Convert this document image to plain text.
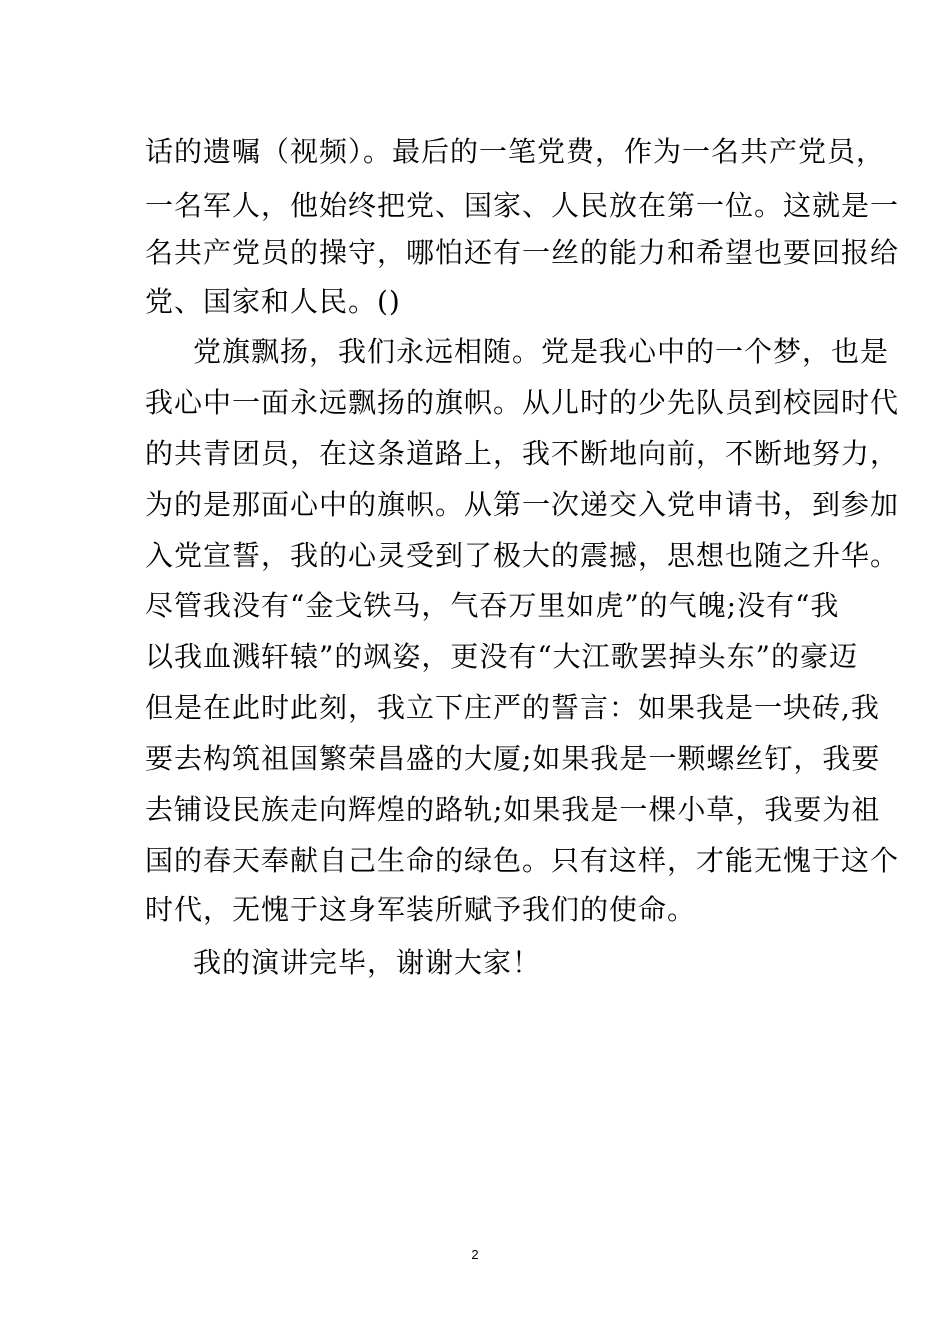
话的遗嘱（视频）。最后的一笔党费，作为一名共产党员，
一名军人，他始终把党、国家、人民放在第一位。这就是一
名共产党员的操守，哪怕还有一丝的能力和希望也要回报给
党、国家和人民。()
党旗飘扬，我们永远相随。党是我心中的一个梦，也是
我心中一面永远飘扬的旗帜。从儿时的少先队员到校园时代
的共青团员，在这条道路上，我不断地向前，不断地努力，
为的是那面心中的旗帜。从第一次递交入党申请书，到参加
入党宣誓，我的心灵受到了极大的震撼，思想也随之升华。
尽管我没有“金戈铁马，气吞万里如虎”的气魄;没有“我
以我血溅轩辕”的飒姿，更没有“大江歌罢掉头东”的豪迈
但是在此时此刻，我立下庄严的誓言：如果我是一块砖,我
要去构筑祖国繁荣昌盛的大厦;如果我是一颗螺丝钉，我要
去铺设民族走向辉煌的路轨;如果我是一棵小草，我要为祖
国的春天奉献自己生命的绿色。只有这样，才能无愧于这个
时代，无愧于这身军装所赋予我们的使命。
我的演讲完毕，谢谢大家！
2
